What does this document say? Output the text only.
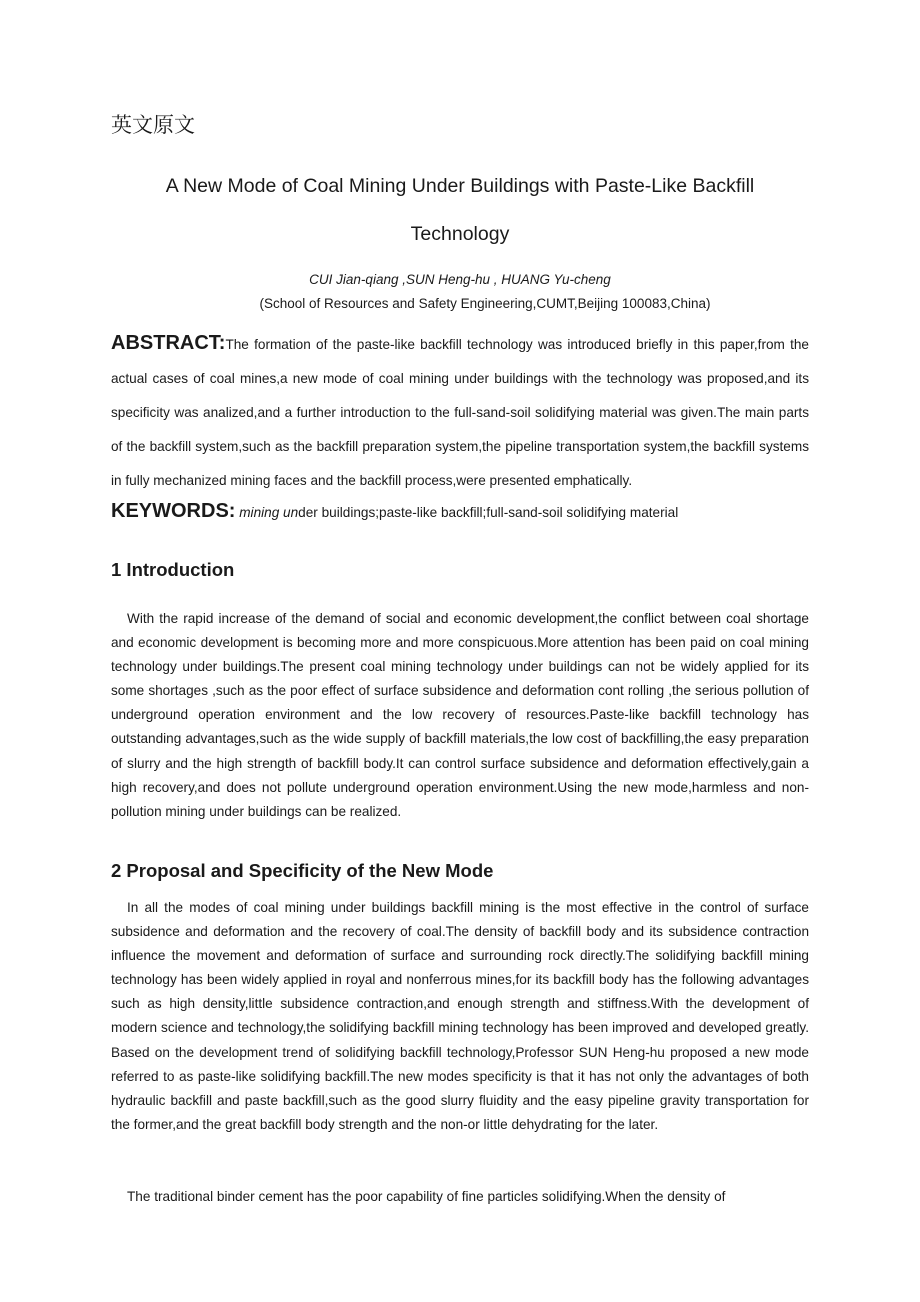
英文原文
A New Mode of Coal Mining Under Buildings with Paste-Like Backfill
Technology
CUI Jian-qiang ,SUN Heng-hu , HUANG Yu-cheng
(School of Resources and Safety Engineering,CUMT,Beijing 100083,China)

ABSTRACT:The formation of the paste-like backfill technology was introduced briefly in this paper,from the actual cases of coal mines,a new mode of coal mining under buildings with the technology was proposed,and its specificity was analized,and a further introduction to the full-sand-soil solidifying material was given.The main parts of the backfill system,such as the backfill preparation system,the pipeline transportation system,the backfill systems in fully mechanized mining faces and the backfill process,were presented emphatically.

KEYWORDS: mining under buildings;paste-like backfill;full-sand-soil solidifying material
1 Introduction

With the rapid increase of the demand of social and economic development,the conflict between coal shortage and economic development is becoming more and more conspicuous.More attention has been paid on coal mining technology under buildings.The present coal mining technology under buildings can not be widely applied for its some shortages ,such as the poor effect of surface subsidence and deformation cont rolling ,the serious pollution of underground operation environment and the low recovery of resources.Paste-like backfill technology has outstanding advantages,such as the wide supply of backfill materials,the low cost of backfilling,the easy preparation of slurry and the high strength of backfill body.It can control surface subsidence and deformation effectively,gain a high recovery,and does not pollute underground operation environment.Using the new mode,harmless and non-pollution mining under buildings can be realized.

2 Proposal and Specificity of the New Mode

In all the modes of coal mining under buildings backfill mining is the most effective in the control of surface subsidence and deformation and the recovery of coal.The density of backfill body and its subsidence contraction influence the movement and deformation of surface and surrounding rock directly.The solidifying backfill mining technology has been widely applied in royal and nonferrous mines,for its backfill body has the following advantages such as high density,little subsidence contraction,and enough strength and stiffness.With the development of modern science and technology,the solidifying backfill mining technology has been improved and developed greatly. Based on the development trend of solidifying backfill technology,Professor SUN Heng-hu proposed a new mode referred to as paste-like solidifying backfill.The new modes specificity is that it has not only the advantages of both hydraulic backfill and paste backfill,such as the good slurry fluidity and the easy pipeline gravity transportation for the former,and the great backfill body strength and the non-or little dehydrating for the later.

The traditional binder cement has the poor capability of fine particles solidifying.When the density of
